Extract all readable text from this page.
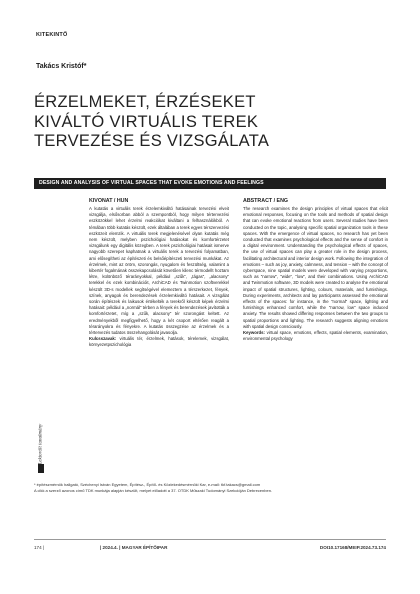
KITEKINTŐ
Takács Kristóf*
ÉRZELMEKET, ÉRZÉSEKET
KIVÁLTÓ VIRTUÁLIS TEREK
TERVEZÉSE ÉS VIZSGÁLATA
DESIGN AND ANALYSIS OF VIRTUAL SPACES THAT EVOKE EMOTIONS AND FEELINGS
Lektorált tanulmány
KIVONAT / HUN

A kutatás a virtuális terek érzelemkiváltó hatásainak tervezési elveit vizsgálja, elsősorban abból a szempontból, hogy milyen tértervezési eszközökkel lehet érzelmi reakciókat kiváltani a felhasználókból. A témában több kutatás készült, ezek általában a terek egyes térszervezési eszközeit elemzik. A virtuális terek megjelenésével olyan kutatás még nem készült, melyben pszichológiai hatásokat és komfortérzetet vizsgálunk egy digitális közegben. A terek pszichológiai hatásait ismerve nagyobb szerepet kaphatnak a virtuális terek a tervezési folyamatban, ami elősegítheti az építészeti és belsőépítészeti tervezési munkákat. Az érzelmek, mint az öröm, szorongás, nyugalom és feszültség, valamint a kibertér fogalmának összekapcsolását követően kilenc térmodellt hoztam létre, különböző térarányokkal, például „szűk”, „tágas”, „alacsony” terekkel és ezek kombinációit, ArchiCAD és Twinmotion szoftverekkel készült 3D-s modellek segítségével elemeztem a térszerkezet, fények, színek, anyagok és berendezések érzelemkiváltó hatásait. A vizsgálat során építészek és laikusok értékelték a terekről készült képek érzelmi hatásait: például a „normál” térben a fények és berendezések javították a komfortérzetet, míg a „szűk, alacsony” tér szorongást keltett. Az eredményekből megfigyelhető, hogy a két csoport eltérően reagált a térarányokra és fényekre. A kutatás összegzése az érzelmek és a tértervezés tudatos összehangolását javasolja.

Kulcsszavak: virtuális tér, érzelmek, hatások, térelemek, vizsgálat, környezetpszichológia

ABSTRACT / ENG

The research examines the design principles of virtual spaces that elicit emotional responses, focusing on the tools and methods of spatial design that can evoke emotional reactions from users. Several studies have been conducted on the topic, analysing specific spatial organization tools in these spaces. With the emergence of virtual spaces, no research has yet been conducted that examines psychological effects and the sense of comfort in a digital environment. Understanding the psychological effects of spaces, the use of virtual spaces can play a greater role in the design process, facilitating architectural and interior design work. Following the integration of emotions – such as joy, anxiety, calmness, and tension – with the concept of cyberspace, nine spatial models were developed with varying proportions, such as "narrow", "wide", "low", and their combinations. Using ArchiCAD and Twinmotion software, 3D models were created to analyse the emotional impact of spatial structures, lighting, colours, materials, and furnishings. During experiments, architects and lay participants assessed the emotional effects of the spaces: for instance, in the "normal" space, lighting and furnishings enhanced comfort, while the "narrow, low" space induced anxiety. The results showed differing responses between the two groups to spatial proportions and lighting. The research suggests aligning emotions with spatial design consciously.

Keywords: virtual space, emotions, effects, spatial elements, examination, environmental psychology

* építészmérnök hallgató, Széchenyi István Egyetem, Építész-, Építő- és Közlekedésmérnöki Kar, e-mail: tkf.takacs@gmail.com
A cikk a szerző azonos című TDK munkája alapján készült, melyet előadott a 37. OTDK Műszaki Tudományi Szekcióján Debrecenben.
174 |	| 2024.4. | MAGYAR ÉPÍTŐIPAR	DOI10.17168/MEIP.2024.73.174
